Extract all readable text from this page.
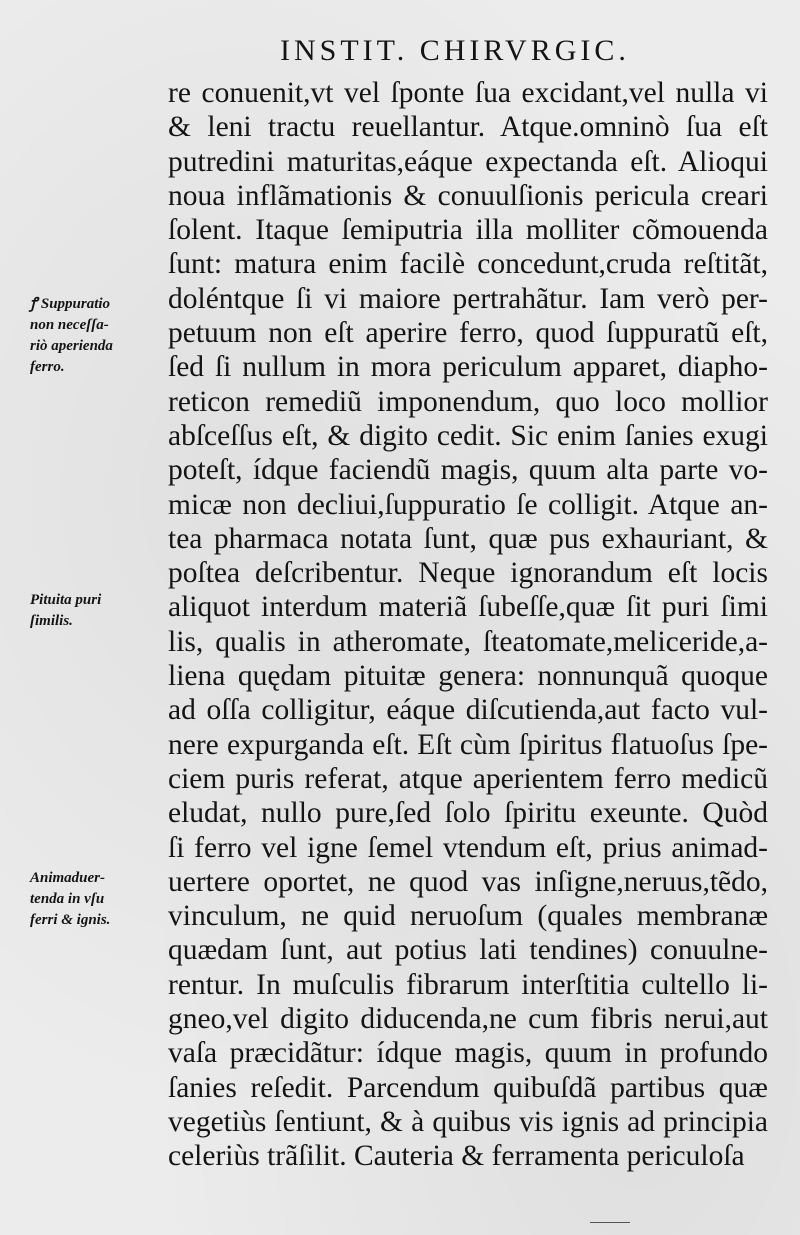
INSTIT. CHIRVRGIC.
re conuenit,vt vel ſponte ſua excidant,vel nulla vi
& leni tractu reuellantur. Atque.omninò ſua eſt
putredini maturitas,eáque expectanda eſt. Alioqui
noua inflãmationis & conuulſionis pericula creari
ſolent. Itaque ſemiputria illa molliter cõmouenda
ſunt: matura enim facilè concedunt,cruda reſtitãt,
doléntque ſi vi maiore pertrahãtur. Iam verò per-
petuum non eſt aperire ferro, quod ſuppuratũ eſt,
ſed ſi nullum in mora periculum apparet, diapho-
reticon remediũ imponendum, quo loco mollior
abſceſſus eſt, & digito cedit. Sic enim ſanies exugi
poteſt, ídque faciendũ magis, quum alta parte vo-
micæ non decliui,ſuppuratio ſe colligit. Atque an-
tea pharmaca notata ſunt, quæ pus exhauriant, &
poſtea deſcribentur. Neque ignorandum eſt locis
aliquot interdum materiã ſubeſſe,quæ ſit puri ſimi
lis, qualis in atheromate, ſteatomate,meliceride,a-
liena quędam pituitæ genera: nonnunquã quoque
ad oſſa colligitur, eáque diſcutienda,aut facto vul-
nere expurganda eſt. Eſt cùm ſpiritus flatuoſus ſpe-
ciem puris referat, atque aperientem ferro medicũ
eludat, nullo pure,ſed ſolo ſpiritu exeunte. Quòd
ſi ferro vel igne ſemel vtendum eſt, prius animad-
uertere oportet, ne quod vas inſigne,neruus,tẽdo,
vinculum, ne quid neruoſum (quales membranæ
quædam ſunt, aut potius lati tendines) conuulne-
rentur. In muſculis fibrarum interſtitia cultello li-
gneo,vel digito diducenda,ne cum fibris nerui,aut
vaſa præcidãtur: ídque magis, quum in profundo
ſanies reſedit. Parcendum quibuſdã partibus quæ
vegetiùs ſentiunt, & à quibus vis ignis ad principia
celeriùs trãſilit. Cauteria & ferramenta periculoſa
ꝭ Suppuratio
non neceſſa-
riò aperienda
ferro.
Pituita puri
ſimilis.
Animaduer-
tenda in vſu
ferri & ignis.
